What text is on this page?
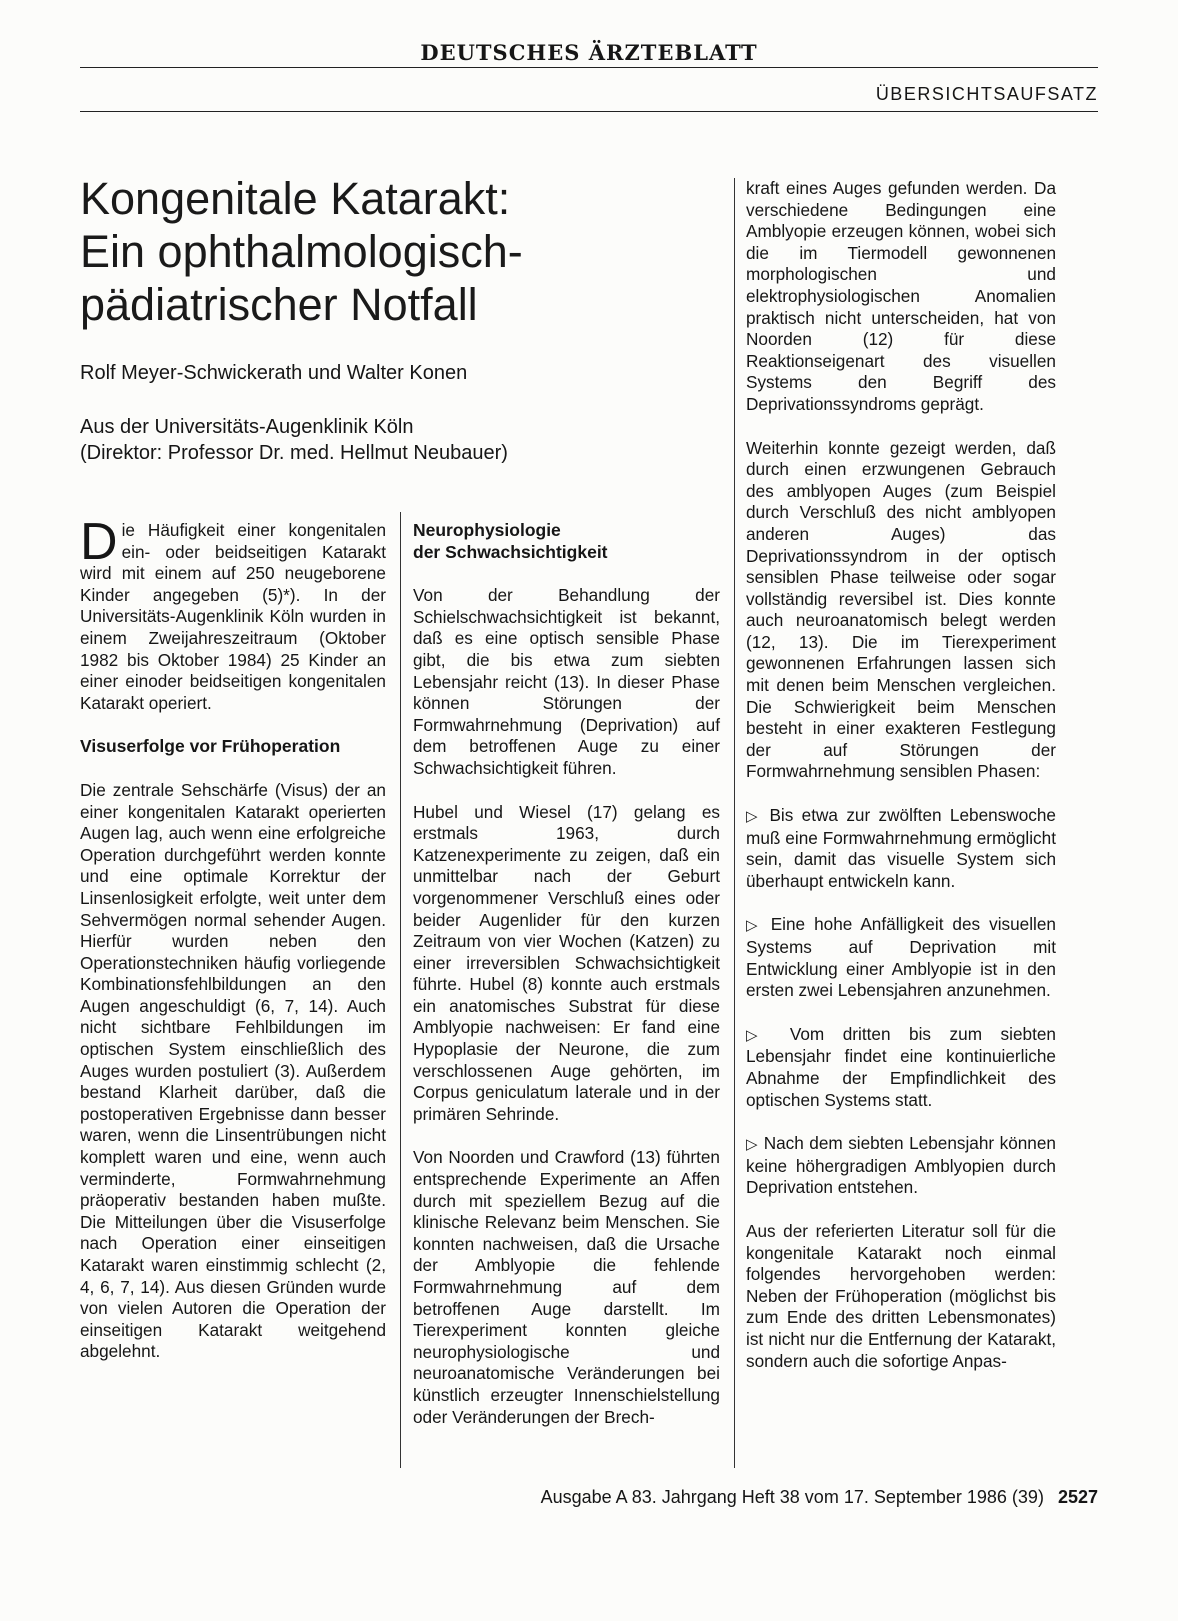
DEUTSCHES ÄRZTEBLATT
ÜBERSICHTSAUFSATZ
Kongenitale Katarakt:
Ein ophthalmologisch-
pädiatrischer Notfall
Rolf Meyer-Schwickerath und Walter Konen
Aus der Universitäts-Augenklinik Köln
(Direktor: Professor Dr. med. Hellmut Neubauer)

Die Häufigkeit einer kongenitalen ein- oder beidseitigen Katarakt wird mit einem auf 250 neugeborene Kinder angegeben (5)*). In der Universitäts-Augenklinik Köln wurden in einem Zweijahreszeitraum (Oktober 1982 bis Oktober 1984) 25 Kinder an einer einoder beidseitigen kongenitalen Katarakt operiert.

Visuserfolge vor Frühoperation

Die zentrale Sehschärfe (Visus) der an einer kongenitalen Katarakt operierten Augen lag, auch wenn eine erfolgreiche Operation durchgeführt werden konnte und eine optimale Korrektur der Linsenlosigkeit erfolgte, weit unter dem Sehvermögen normal sehender Augen. Hierfür wurden neben den Operationstechniken häufig vorliegende Kombinationsfehlbildungen an den Augen angeschuldigt (6, 7, 14). Auch nicht sichtbare Fehlbildungen im optischen System einschließlich des Auges wurden postuliert (3). Außerdem bestand Klarheit darüber, daß die postoperativen Ergebnisse dann besser waren, wenn die Linsentrübungen nicht komplett waren und eine, wenn auch verminderte, Formwahrnehmung präoperativ bestanden haben mußte. Die Mitteilungen über die Visuserfolge nach Operation einer einseitigen Katarakt waren einstimmig schlecht (2, 4, 6, 7, 14). Aus diesen Gründen wurde von vielen Autoren die Operation der einseitigen Katarakt weitgehend abgelehnt.

Neurophysiologie
der Schwachsichtigkeit

Von der Behandlung der Schielschwachsichtigkeit ist bekannt, daß es eine optisch sensible Phase gibt, die bis etwa zum siebten Lebensjahr reicht (13). In dieser Phase können Störungen der Formwahrnehmung (Deprivation) auf dem betroffenen Auge zu einer Schwachsichtigkeit führen.

Hubel und Wiesel (17) gelang es erstmals 1963, durch Katzenexperimente zu zeigen, daß ein unmittelbar nach der Geburt vorgenommener Verschluß eines oder beider Augenlider für den kurzen Zeitraum von vier Wochen (Katzen) zu einer irreversiblen Schwachsichtigkeit führte. Hubel (8) konnte auch erstmals ein anatomisches Substrat für diese Amblyopie nachweisen: Er fand eine Hypoplasie der Neurone, die zum verschlossenen Auge gehörten, im Corpus geniculatum laterale und in der primären Sehrinde.

Von Noorden und Crawford (13) führten entsprechende Experimente an Affen durch mit speziellem Bezug auf die klinische Relevanz beim Menschen. Sie konnten nachweisen, daß die Ursache der Amblyopie die fehlende Formwahrnehmung auf dem betroffenen Auge darstellt. Im Tierexperiment konnten gleiche neurophysiologische und neuroanatomische Veränderungen bei künstlich erzeugter Innenschielstellung oder Veränderungen der Brech-

kraft eines Auges gefunden werden. Da verschiedene Bedingungen eine Amblyopie erzeugen können, wobei sich die im Tiermodell gewonnenen morphologischen und elektrophysiologischen Anomalien praktisch nicht unterscheiden, hat von Noorden (12) für diese Reaktionseigenart des visuellen Systems den Begriff des Deprivationssyndroms geprägt.

Weiterhin konnte gezeigt werden, daß durch einen erzwungenen Gebrauch des amblyopen Auges (zum Beispiel durch Verschluß des nicht amblyopen anderen Auges) das Deprivationssyndrom in der optisch sensiblen Phase teilweise oder sogar vollständig reversibel ist. Dies konnte auch neuroanatomisch belegt werden (12, 13). Die im Tierexperiment gewonnenen Erfahrungen lassen sich mit denen beim Menschen vergleichen. Die Schwierigkeit beim Menschen besteht in einer exakteren Festlegung der auf Störungen der Formwahrnehmung sensiblen Phasen:

▷ Bis etwa zur zwölften Lebenswoche muß eine Formwahrnehmung ermöglicht sein, damit das visuelle System sich überhaupt entwickeln kann.

▷ Eine hohe Anfälligkeit des visuellen Systems auf Deprivation mit Entwicklung einer Amblyopie ist in den ersten zwei Lebensjahren anzunehmen.

▷ Vom dritten bis zum siebten Lebensjahr findet eine kontinuierliche Abnahme der Empfindlichkeit des optischen Systems statt.

▷ Nach dem siebten Lebensjahr können keine höhergradigen Amblyopien durch Deprivation entstehen.

Aus der referierten Literatur soll für die kongenitale Katarakt noch einmal folgendes hervorgehoben werden: Neben der Frühoperation (möglichst bis zum Ende des dritten Lebensmonates) ist nicht nur die Entfernung der Katarakt, sondern auch die sofortige Anpas-

Ausgabe A 83. Jahrgang Heft 38 vom 17. September 1986 (39) 2527
